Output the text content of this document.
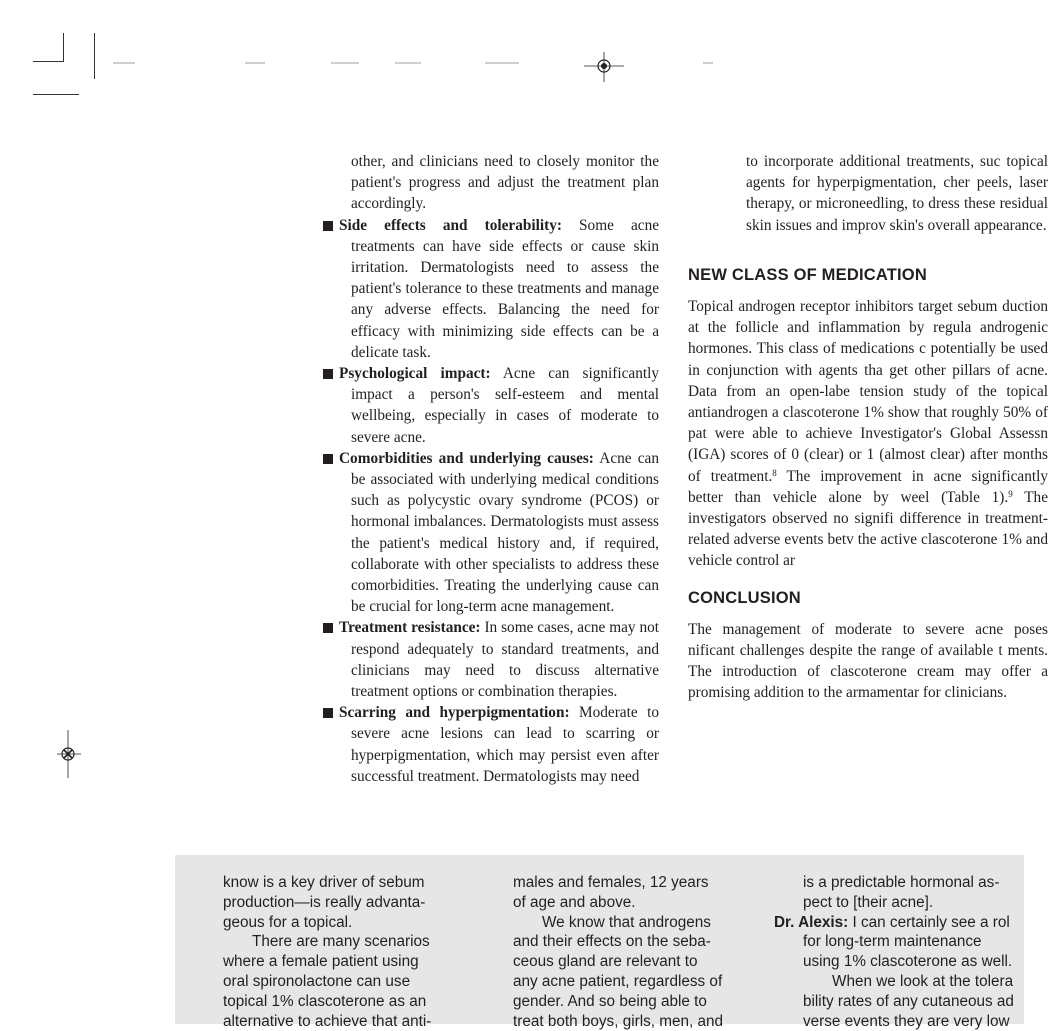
other, and clinicians need to closely monitor the patient's progress and adjust the treatment plan accordingly.

Side effects and tolerability: Some acne treatments can have side effects or cause skin irritation. Dermatologists need to assess the patient's tolerance to these treatments and manage any adverse effects. Balancing the need for efficacy with minimizing side effects can be a delicate task.

Psychological impact: Acne can significantly impact a person's self-esteem and mental wellbeing, especially in cases of moderate to severe acne.

Comorbidities and underlying causes: Acne can be associated with underlying medical conditions such as polycystic ovary syndrome (PCOS) or hormonal imbalances. Dermatologists must assess the patient's medical history and, if required, collaborate with other specialists to address these comorbidities. Treating the underlying cause can be crucial for long-term acne management.

Treatment resistance: In some cases, acne may not respond adequately to standard treatments, and clinicians may need to discuss alternative treatment options or combination therapies.

Scarring and hyperpigmentation: Moderate to severe acne lesions can lead to scarring or hyperpigmentation, which may persist even after successful treatment. Dermatologists may need

to incorporate additional treatments, suc topical agents for hyperpigmentation, cher peels, laser therapy, or microneedling, to dress these residual skin issues and improv skin's overall appearance.

NEW CLASS OF MEDICATION

Topical androgen receptor inhibitors target sebum duction at the follicle and inflammation by regula androgenic hormones. This class of medications c potentially be used in conjunction with agents tha get other pillars of acne. Data from an open-labe tension study of the topical antiandrogen a clascoterone 1% show that roughly 50% of pat were able to achieve Investigator's Global Assessn (IGA) scores of 0 (clear) or 1 (almost clear) after months of treatment.$^8$ The improvement in acne significantly better than vehicle alone by weel (Table 1).$^9$ The investigators observed no signifi difference in treatment-related adverse events betv the active clascoterone 1% and vehicle control ar

CONCLUSION

The management of moderate to severe acne poses nificant challenges despite the range of available t ments. The introduction of clascoterone cream may offer a promising addition to the armamentar for clinicians.

know is a key driver of sebum

production—is really advanta-

geous for a topical.

There are many scenarios

where a female patient using

oral spironolactone can use

topical 1% clascoterone as an

alternative to achieve that anti-

males and females, 12 years

of age and above.

We know that androgens

and their effects on the seba-

ceous gland are relevant to

any acne patient, regardless of

gender. And so being able to

treat both boys, girls, men, and

is a predictable hormonal as-

pect to [their acne].

Dr. Alexis: I can certainly see a rol

for long-term maintenance

using 1% clascoterone as well.

When we look at the tolera

bility rates of any cutaneous ad

verse events they are very low
